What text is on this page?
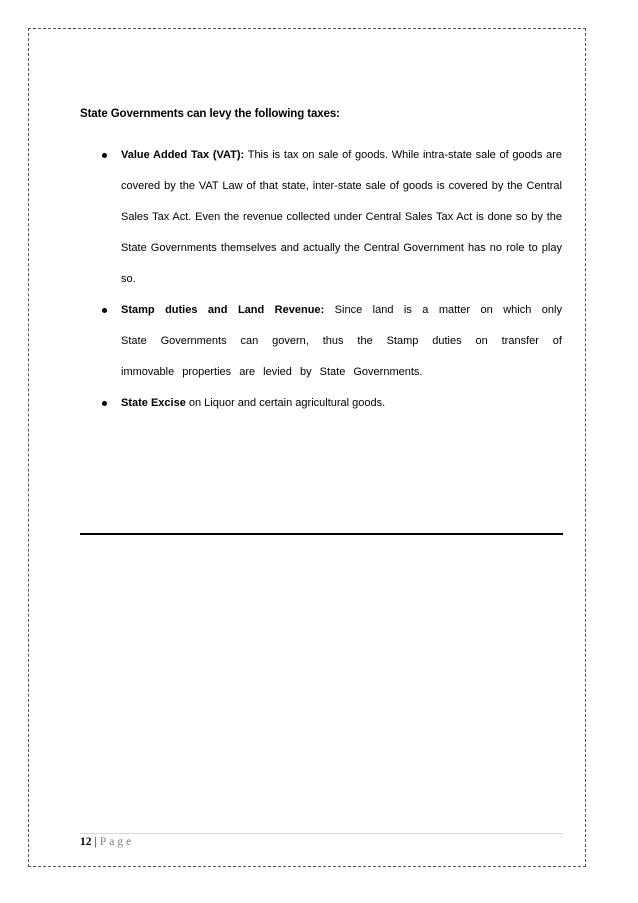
State Governments can levy the following taxes:
Value Added Tax (VAT): This is tax on sale of goods. While intra-state sale of goods are covered by the VAT Law of that state, inter-state sale of goods is covered by the Central Sales Tax Act. Even the revenue collected under Central Sales Tax Act is done so by the State Governments themselves and actually the Central Government has no role to play so.
Stamp duties and Land Revenue: Since land is a matter on which only State Governments can govern, thus the Stamp duties on transfer of immovable properties are levied by State Governments.
State Excise on Liquor and certain agricultural goods.
12 | Page
